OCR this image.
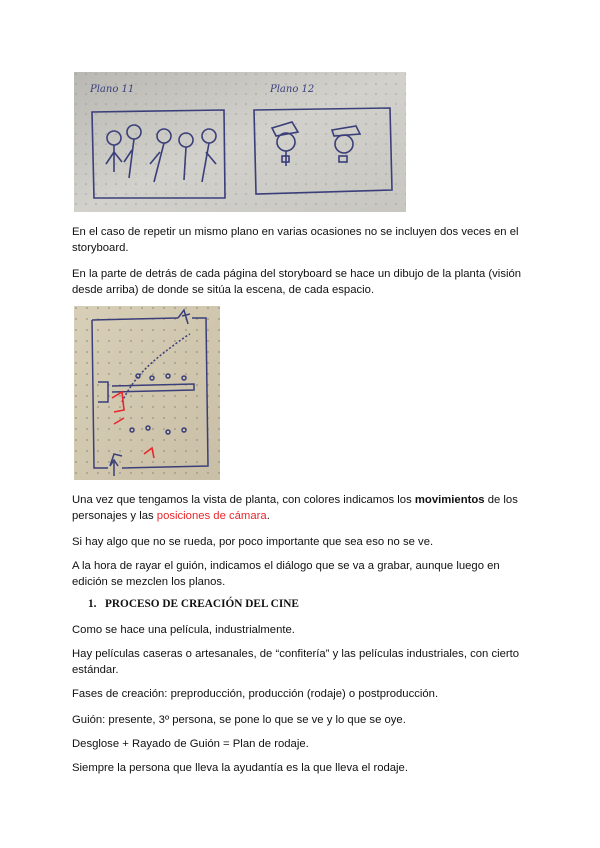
Plano 11	Plano 12

En el caso de repetir un mismo plano en varias ocasiones no se incluyen dos veces en el storyboard.

En la parte de detrás de cada página del storyboard se hace un dibujo de la planta (visión desde arriba) de donde se sitúa la escena, de cada espacio.

Una vez que tengamos la vista de planta, con colores indicamos los movimientos de los personajes y las posiciones de cámara.

Si hay algo que no se rueda, por poco importante que sea eso no se ve.

A la hora de rayar el guión, indicamos el diálogo que se va a grabar, aunque luego en edición se mezclen los planos.

1. PROCESO DE CREACIÓN DEL CINE

Como se hace una película, industrialmente.

Hay películas caseras o artesanales, de “confitería” y las películas industriales, con cierto estándar.

Fases de creación: preproducción, producción (rodaje) o postproducción.

Guión: presente, 3º persona, se pone lo que se ve y lo que se oye.

Desglose + Rayado de Guión = Plan de rodaje.

Siempre la persona que lleva la ayudantía es la que lleva el rodaje.
